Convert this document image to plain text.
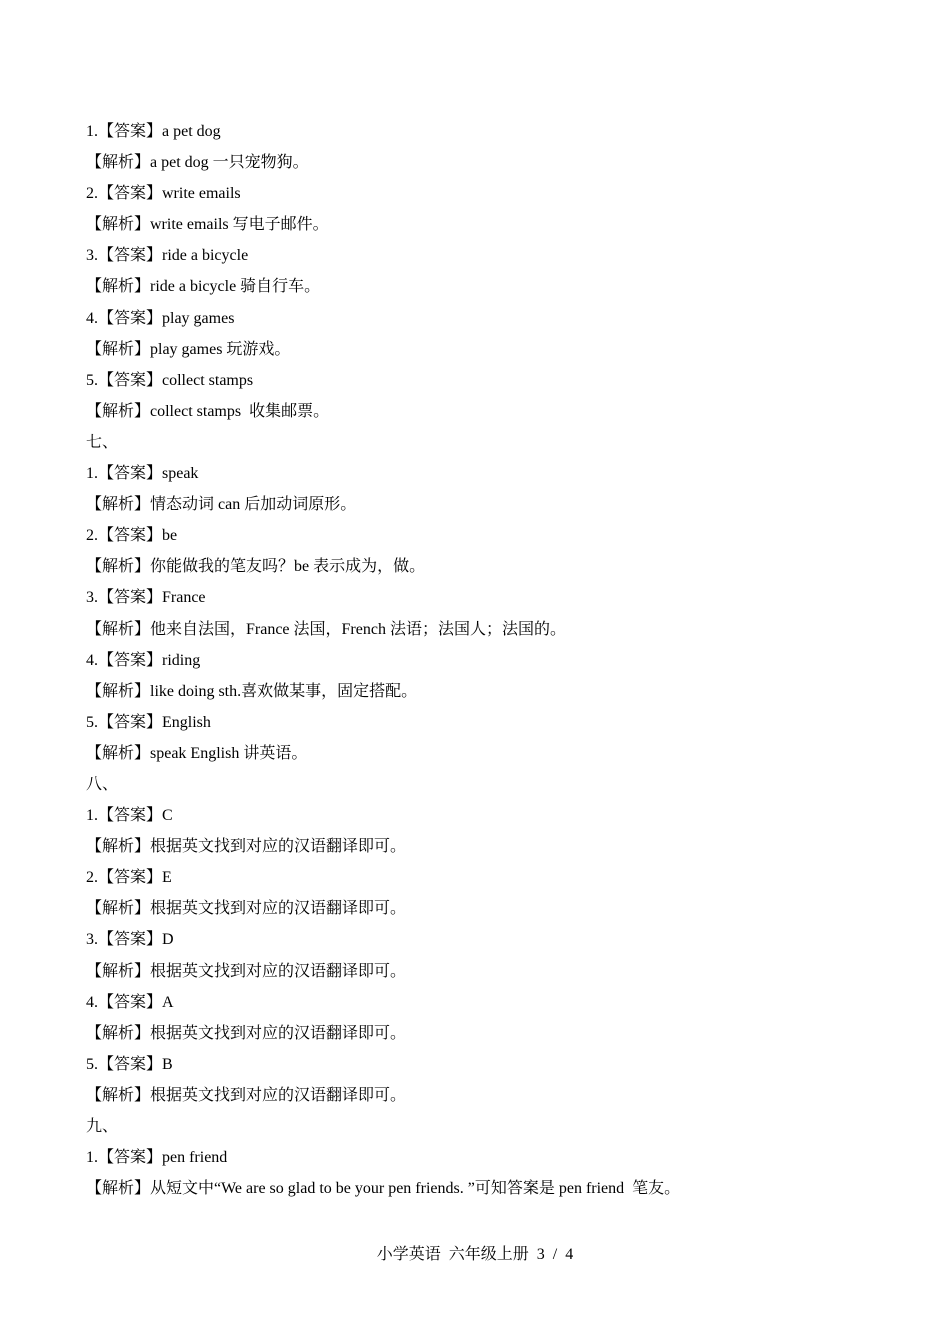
1.【答案】a pet dog
【解析】a pet dog 一只宠物狗。
2.【答案】write emails
【解析】write emails 写电子邮件。
3.【答案】ride a bicycle
【解析】ride a bicycle 骑自行车。
4.【答案】play games
【解析】play games 玩游戏。
5.【答案】collect stamps
【解析】collect stamps  收集邮票。
七、
1.【答案】speak
【解析】情态动词 can 后加动词原形。
2.【答案】be
【解析】你能做我的笔友吗？be 表示成为，做。
3.【答案】France
【解析】他来自法国，France 法国，French 法语；法国人；法国的。
4.【答案】riding
【解析】like doing sth.喜欢做某事，固定搭配。
5.【答案】English
【解析】speak English 讲英语。
八、
1.【答案】C
【解析】根据英文找到对应的汉语翻译即可。
2.【答案】E
【解析】根据英文找到对应的汉语翻译即可。
3.【答案】D
【解析】根据英文找到对应的汉语翻译即可。
4.【答案】A
【解析】根据英文找到对应的汉语翻译即可。
5.【答案】B
【解析】根据英文找到对应的汉语翻译即可。
九、
1.【答案】pen friend
【解析】从短文中“We are so glad to be your pen friends. ”可知答案是 pen friend  笔友。
小学英语  六年级上册  3  /  4
